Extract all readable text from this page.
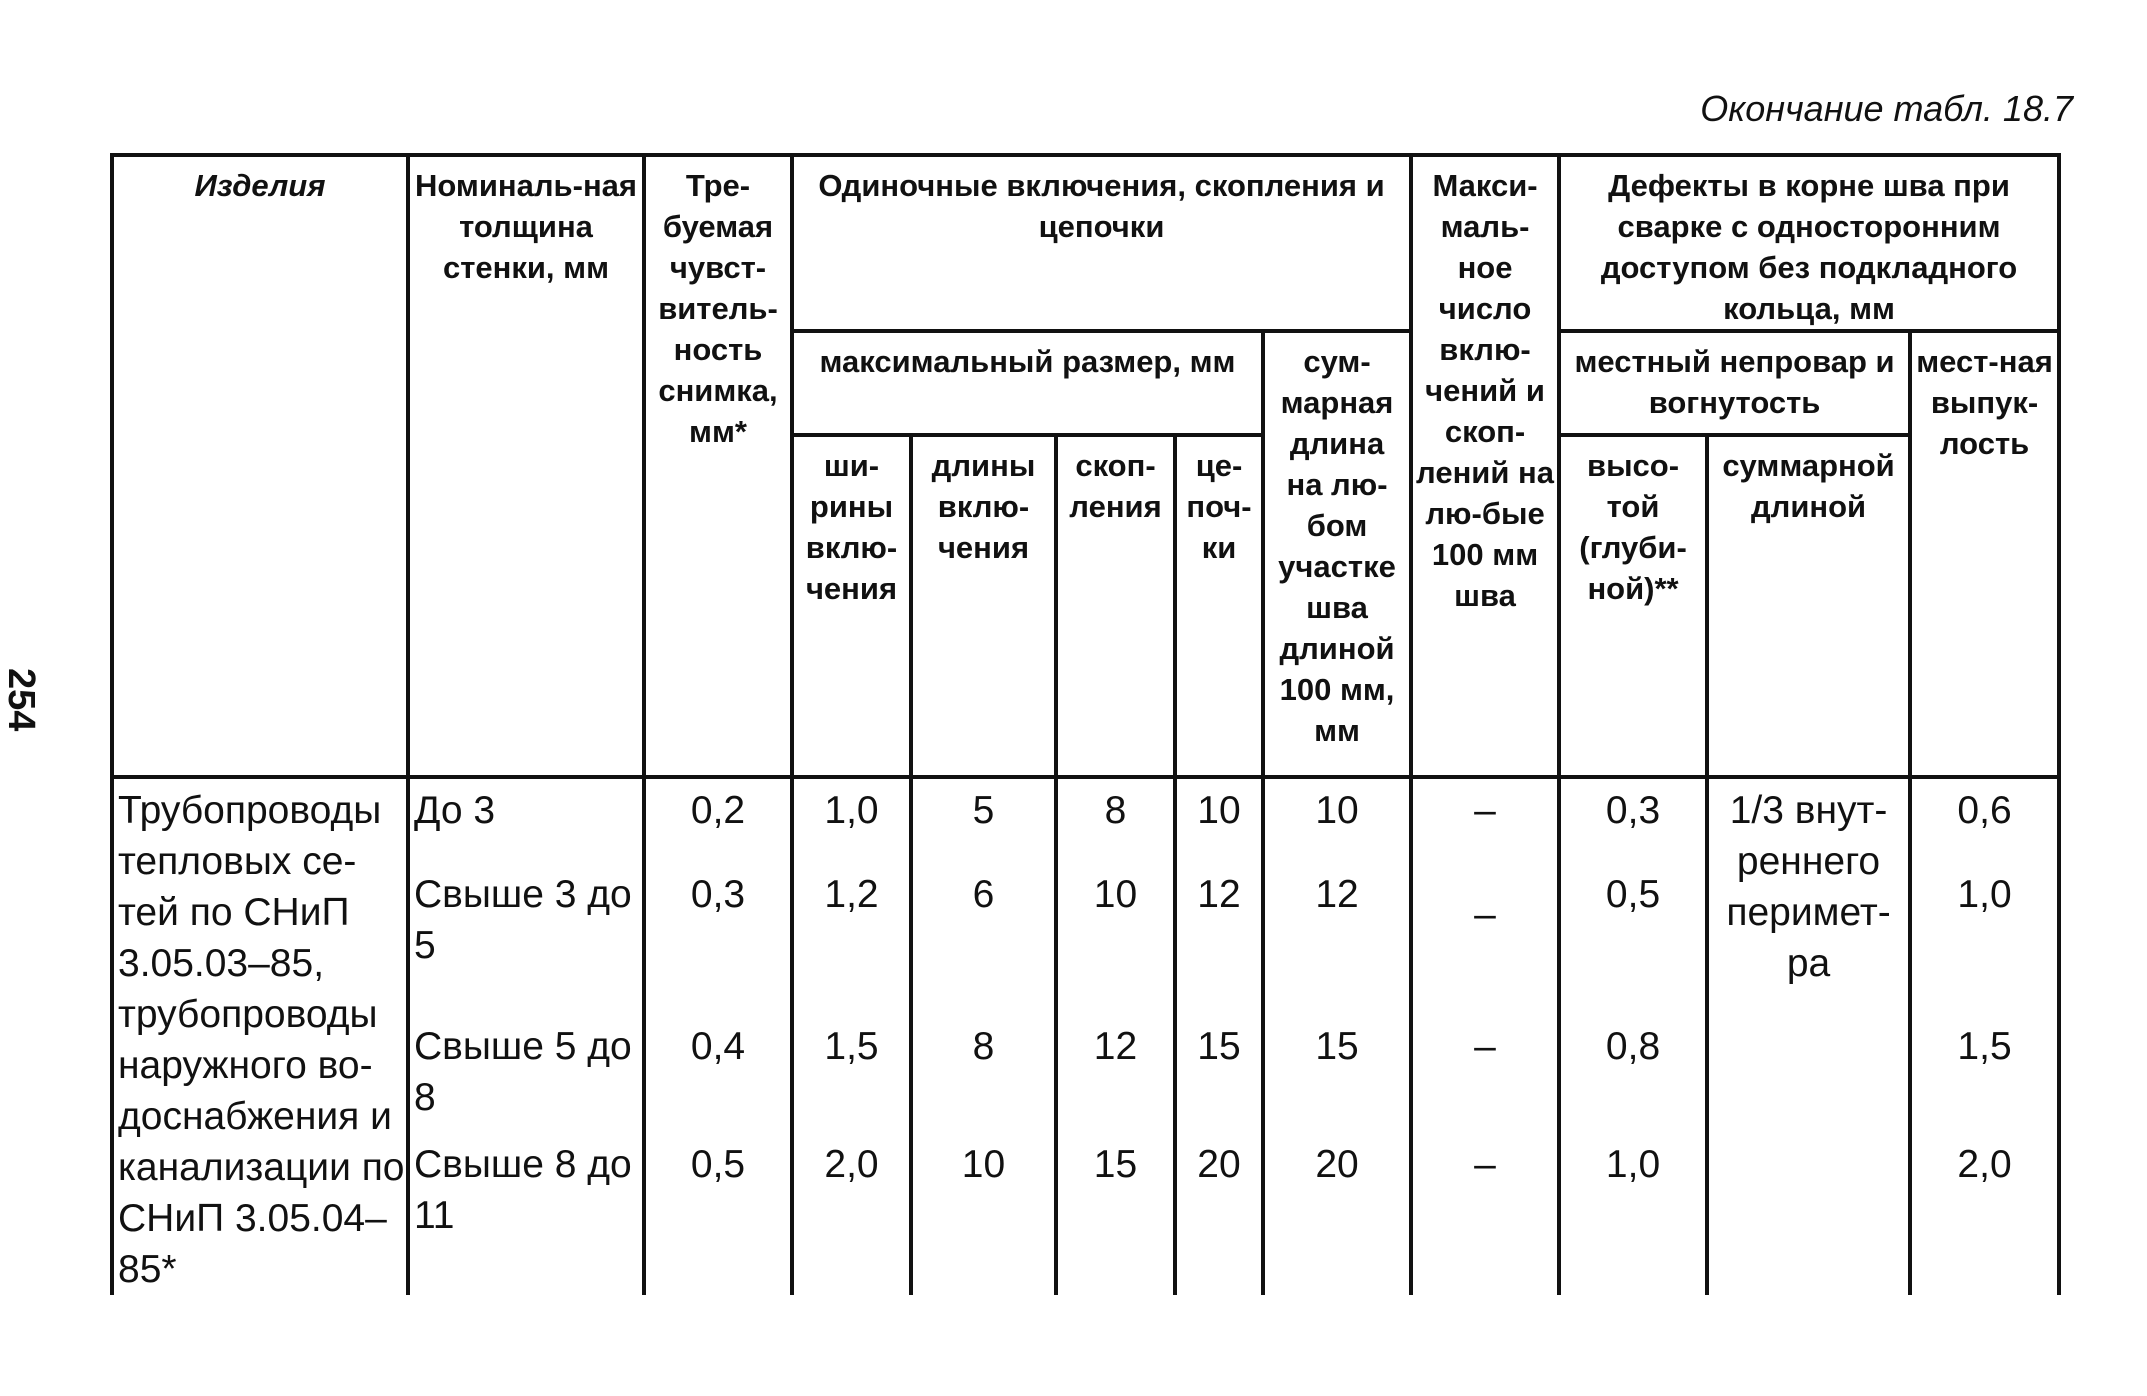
Окончание табл. 18.7
254
Изделия	Номиналь-ная толщина стенки, мм	Тре-буемая чувст-витель-ность снимка, мм*	Одиночные включения, скопления и цепочки					Макси-маль-ное число вклю-чений и скоп-лений на лю-бые 100 мм шва	Дефекты в корне шва при сварке с односторонним доступом без подкладного кольца, мм		
			максимальный размер, мм				сум-марная длина на лю-бом участке шва длиной 100 мм, мм		местный непровар и вогнутость		мест-ная выпук-лость
			ши-рины вклю-чения	длины вклю-чения	скоп-ления	це-поч-ки			высо-той (глуби-ной)**	суммарной длиной	
Трубопроводы тепловых се-тей по СНиП 3.05.03–85, трубопроводы наружного во-доснабжения и канализации по СНиП 3.05.04–85*	До 3	0,2	1,0	5	8	10	10	–	0,3	1/3 внут-реннего перимет-ра	0,6
	Свыше 3 до 5	0,3	1,2	6	10	12	12	–	0,5		1,0
	Свыше 5 до 8	0,4	1,5	8	12	15	15	–	0,8		1,5
	Свыше 8 до 11	0,5	2,0	10	15	20	20	–	1,0		2,0
